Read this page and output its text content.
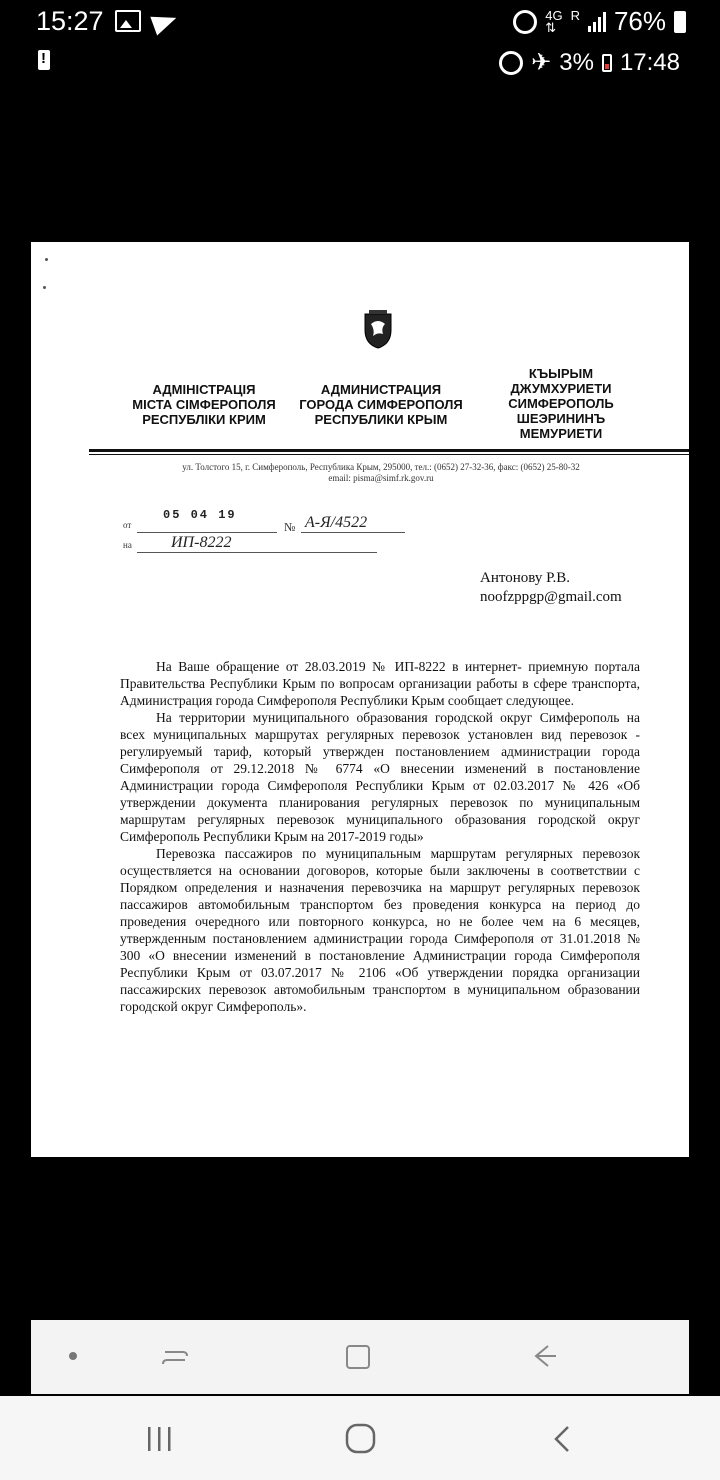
15:27	4G
⇅
R
76%
!
✈ 3% 17:48
АДМІНІСТРАЦІЯ
МІСТА СІМФЕРОПОЛЯ
РЕСПУБЛІКИ КРИМ
АДМИНИСТРАЦИЯ
ГОРОДА СИМФЕРОПОЛЯ
РЕСПУБЛИКИ КРЫМ
КЪЫРЫМ
ДЖУМХУРИЕТИ
СИМФЕРОПОЛЬ
ШЕЭРИНИНЪ
МЕМУРИЕТИ
ул. Толстого 15, г. Симферополь, Республика Крым, 295000, тел.: (0652) 27-32-36, факс: (0652) 25-80-32
email: pisma@simf.rk.gov.ru
от
05 04 19
№ А-Я/4522
на ИП-8222
Антонову Р.В.
noofzppgp@gmail.com

На Ваше обращение от 28.03.2019 № ИП-8222 в интернет- приемную портала Правительства Республики Крым по вопросам организации работы в сфере транспорта, Администрация города Симферополя Республики Крым сообщает следующее.

На территории муниципального образования городской округ Симферополь на всех муниципальных маршрутах регулярных перевозок установлен вид перевозок - регулируемый тариф, который утвержден постановлением администрации города Симферополя от 29.12.2018 № 6774 «О внесении изменений в постановление Администрации города Симферополя Республики Крым от 02.03.2017 № 426 «Об утверждении документа планирования регулярных перевозок по муниципальным маршрутам регулярных перевозок муниципального образования городской округ Симферополь Республики Крым на 2017-2019 годы»

Перевозка пассажиров по муниципальным маршрутам регулярных перевозок осуществляется на основании договоров, которые были заключены в соответствии с Порядком определения и назначения перевозчика на маршрут регулярных перевозок пассажиров автомобильным транспортом без проведения конкурса на период до проведения очередного или повторного конкурса, но не более чем на 6 месяцев, утвержденным постановлением администрации города Симферополя от 31.01.2018 № 300 «О внесении изменений в постановление Администрации города Симферополя Республики Крым от 03.07.2017 № 2106 «Об утверждении порядка организации пассажирских перевозок автомобильным транспортом в муниципальном образовании городской округ Симферополь».
